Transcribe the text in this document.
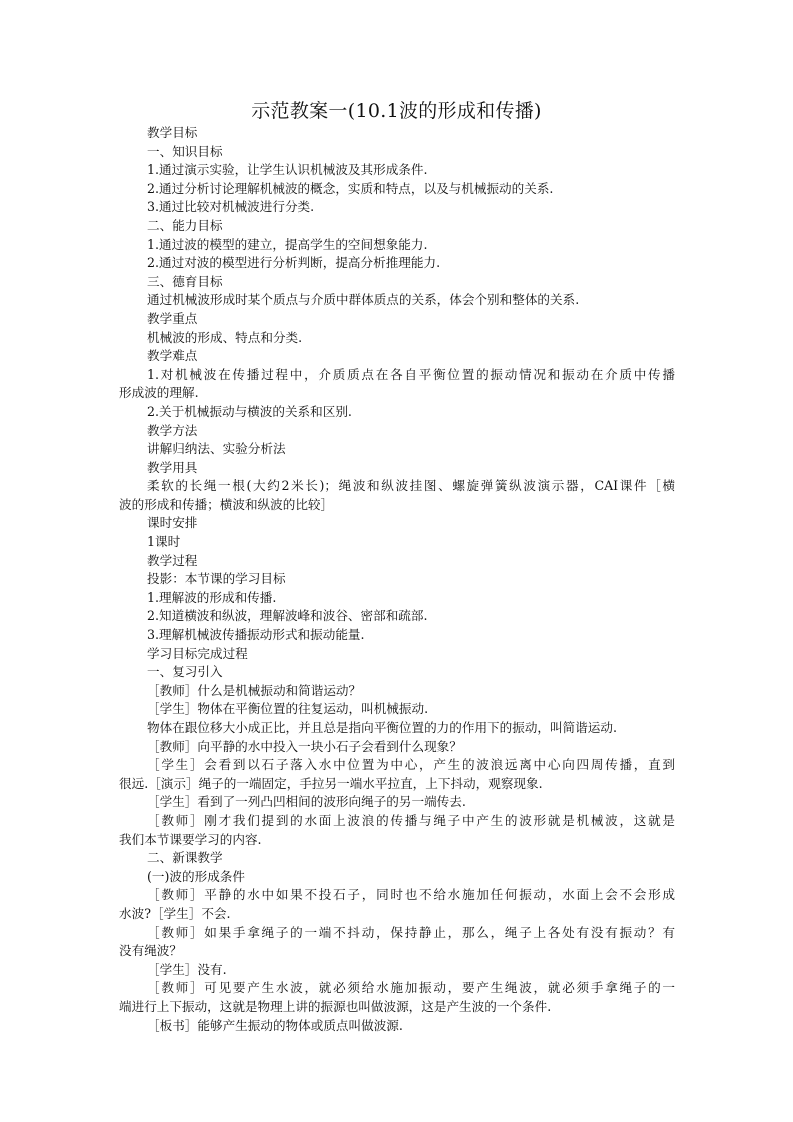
示范教案一(10.1波的形成和传播)
教学目标
一、知识目标
1.通过演示实验，让学生认识机械波及其形成条件.
2.通过分析讨论理解机械波的概念，实质和特点，以及与机械振动的关系.
3.通过比较对机械波进行分类.
二、能力目标
1.通过波的模型的建立，提高学生的空间想象能力.
2.通过对波的模型进行分析判断，提高分析推理能力.
三、德育目标
通过机械波形成时某个质点与介质中群体质点的关系，体会个别和整体的关系.
教学重点
机械波的形成、特点和分类.
教学难点
1.对机械波在传播过程中，介质质点在各自平衡位置的振动情况和振动在介质中传播
形成波的理解.
2.关于机械振动与横波的关系和区别.
教学方法
讲解归纳法、实验分析法
教学用具
柔软的长绳一根(大约2米长)；绳波和纵波挂图、螺旋弹簧纵波演示器，CAI课件［横
波的形成和传播；横波和纵波的比较］
课时安排
1课时
教学过程
投影：本节课的学习目标
1.理解波的形成和传播.
2.知道横波和纵波，理解波峰和波谷、密部和疏部.
3.理解机械波传播振动形式和振动能量.
学习目标完成过程
一、复习引入
［教师］什么是机械振动和简谐运动？
［学生］物体在平衡位置的往复运动，叫机械振动.
物体在跟位移大小成正比，并且总是指向平衡位置的力的作用下的振动，叫简谐运动.
［教师］向平静的水中投入一块小石子会看到什么现象？
［学生］会看到以石子落入水中位置为中心，产生的波浪远离中心向四周传播，直到
很远.［演示］绳子的一端固定，手拉另一端水平拉直，上下抖动，观察现象.
［学生］看到了一列凸凹相间的波形向绳子的另一端传去.
［教师］刚才我们提到的水面上波浪的传播与绳子中产生的波形就是机械波，这就是
我们本节课要学习的内容.
二、新课教学
(一)波的形成条件
［教师］平静的水中如果不投石子，同时也不给水施加任何振动，水面上会不会形成
水波?［学生］不会.
［教师］如果手拿绳子的一端不抖动，保持静止，那么，绳子上各处有没有振动？有
没有绳波？
［学生］没有.
［教师］可见要产生水波，就必须给水施加振动，要产生绳波，就必须手拿绳子的一
端进行上下振动，这就是物理上讲的振源也叫做波源，这是产生波的一个条件.
［板书］能够产生振动的物体或质点叫做波源.
